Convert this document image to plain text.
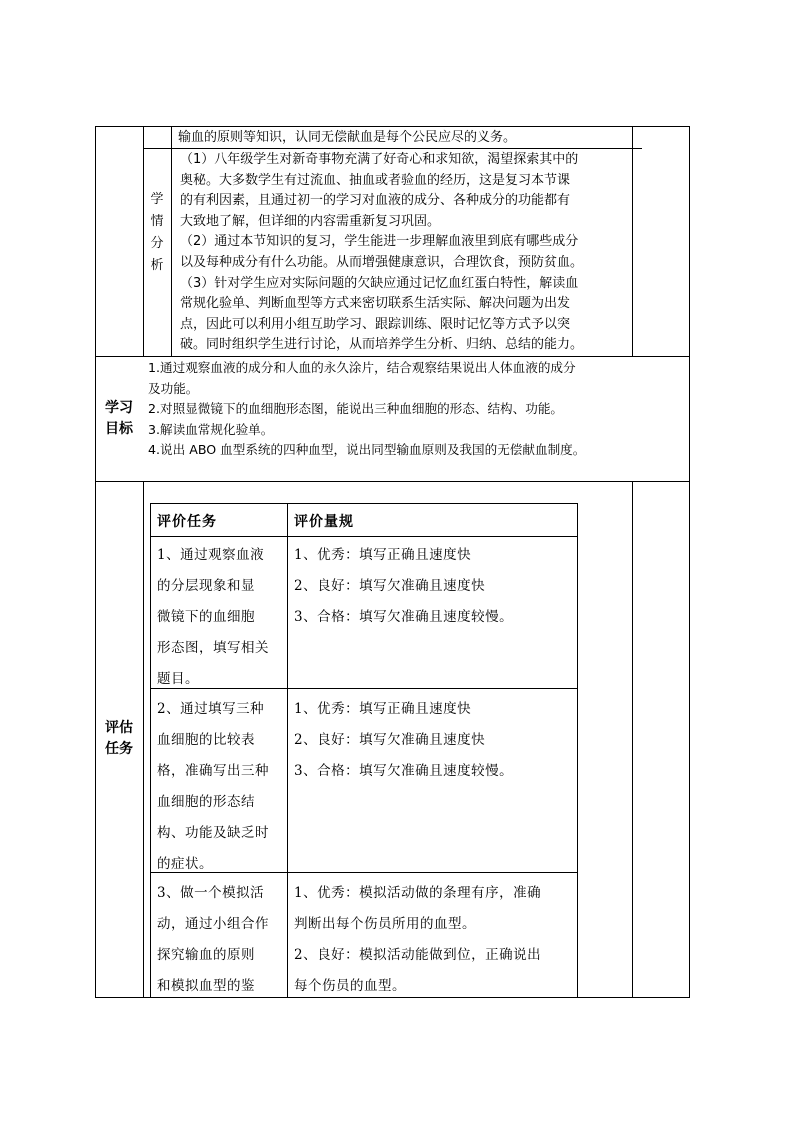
输血的原则等知识，认同无偿献血是每个公民应尽的义务。
学
情
分
析
（1）八年级学生对新奇事物充满了好奇心和求知欲，渴望探索其中的
奥秘。大多数学生有过流血、抽血或者验血的经历，这是复习本节课
的有利因素，且通过初一的学习对血液的成分、各种成分的功能都有
大致地了解，但详细的内容需重新复习巩固。
（2）通过本节知识的复习，学生能进一步理解血液里到底有哪些成分
以及每种成分有什么功能。从而增强健康意识，合理饮食，预防贫血。
（3）针对学生应对实际问题的欠缺应通过记忆血红蛋白特性，解读血
常规化验单、判断血型等方式来密切联系生活实际、解决问题为出发
点，因此可以利用小组互助学习、跟踪训练、限时记忆等方式予以突
破。同时组织学生进行讨论，从而培养学生分析、归纳、总结的能力。
学习
目标
1.通过观察血液的成分和人血的永久涂片，结合观察结果说出人体血液的成分
及功能。
2.对照显微镜下的血细胞形态图，能说出三种血细胞的形态、结构、功能。
3.解读血常规化验单。
4.说出 ABO 血型系统的四种血型，说出同型输血原则及我国的无偿献血制度。
评估
任务
评价任务	评价量规
1、通过观察血液
的分层现象和显
微镜下的血细胞
形态图，填写相关
题目。
1、优秀：填写正确且速度快
2、良好：填写欠准确且速度快
3、合格：填写欠准确且速度较慢。
2、通过填写三种
血细胞的比较表
格，准确写出三种
血细胞的形态结
构、功能及缺乏时
的症状。
1、优秀：填写正确且速度快
2、良好：填写欠准确且速度快
3、合格：填写欠准确且速度较慢。
3、做一个模拟活
动，通过小组合作
探究输血的原则
和模拟血型的鉴
1、优秀：模拟活动做的条理有序，准确
判断出每个伤员所用的血型。
2、良好：模拟活动能做到位，正确说出
每个伤员的血型。
